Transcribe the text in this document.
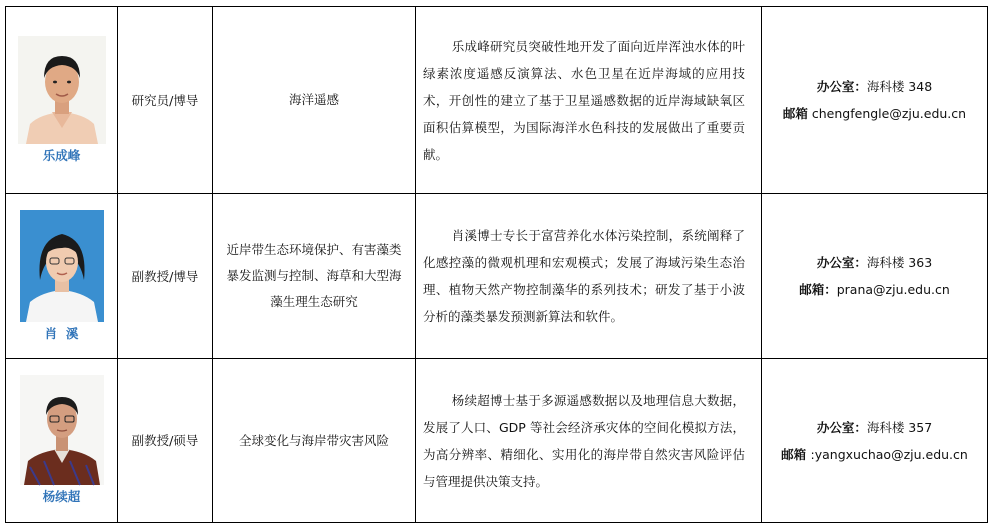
乐成峰	研究员/博导	海洋遥感	乐成峰研究员突破性地开发了面向近岸浑浊水体的叶绿素浓度遥感反演算法、水色卫星在近岸海域的应用技术，开创性的建立了基于卫星遥感数据的近岸海域缺氧区面积估算模型，为国际海洋水色科技的发展做出了重要贡献。	办公室：海科楼 348
邮箱 chengfengle@zju.edu.cn

肖  溪	副教授/博导	近岸带生态环境保护、有害藻类暴发监测与控制、海草和大型海藻生理生态研究	肖溪博士专长于富营养化水体污染控制，系统阐释了化感控藻的微观机理和宏观模式；发展了海域污染生态治理、植物天然产物控制藻华的系列技术；研发了基于小波分析的藻类暴发预测新算法和软件。	办公室：海科楼 363
邮箱：prana@zju.edu.cn

杨续超	副教授/硕导	全球变化与海岸带灾害风险	杨续超博士基于多源遥感数据以及地理信息大数据，发展了人口、GDP 等社会经济承灾体的空间化模拟方法，为高分辨率、精细化、实用化的海岸带自然灾害风险评估与管理提供决策支持。	办公室：海科楼 357
邮箱 :yangxuchao@zju.edu.cn
